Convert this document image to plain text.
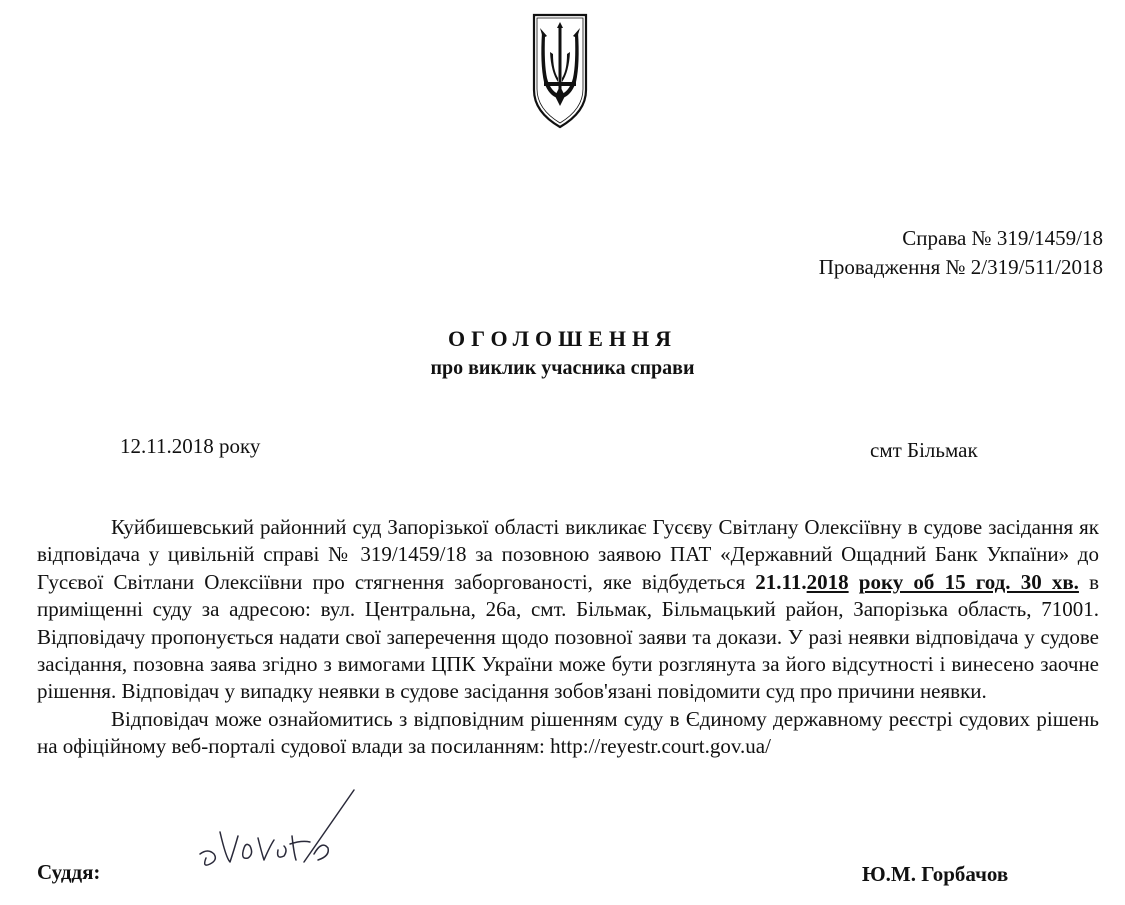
Справа № 319/1459/18
Провадження № 2/319/511/2018
ОГОЛОШЕННЯ
про виклик учасника справи
12.11.2018 року	смт Більмак

Куйбишевський районний суд Запорізької області викликає Гусєву Світлану Олексіївну в судове засідання як відповідача у цивільній справі № 319/1459/18 за позовною заявою ПАТ «Державний Ощадний Банк Укпаїни» до Гусєвої Світлани Олексіївни про стягнення заборгованості, яке відбудеться 21.11.2018 року об 15 год. 30 хв. в приміщенні суду за адресою: вул. Центральна, 26а, смт. Більмак, Більмацький район, Запорізька область, 71001. Відповідачу пропонується надати свої заперечення щодо позовної заяви та докази. У разі неявки відповідача у судове засідання, позовна заява згідно з вимогами ЦПК України може бути розглянута за його відсутності і винесено заочне рішення. Відповідач у випадку неявки в судове засідання зобов'язані повідомити суд про причини неявки.

Відповідач може ознайомитись з відповідним рішенням суду в Єдиному державному реєстрі судових рішень на офіційному веб-порталі судової влади за посиланням: http://reyestr.court.gov.ua/

Суддя:	Ю.М. Горбачов
